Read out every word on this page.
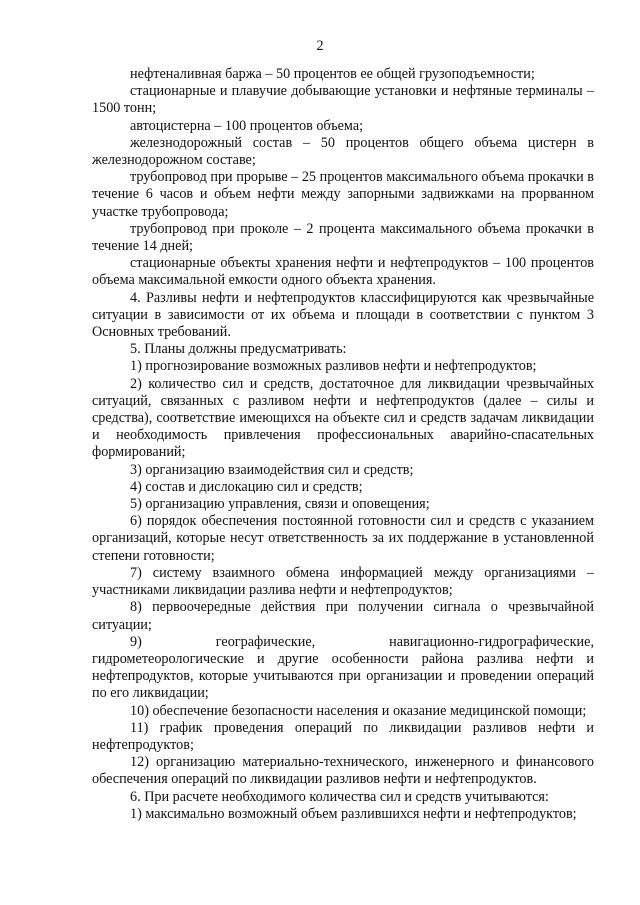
2

нефтеналивная баржа – 50 процентов ее общей грузоподъемности;

стационарные и плавучие добывающие установки и нефтяные терминалы – 1500 тонн;

автоцистерна – 100 процентов объема;

железнодорожный состав – 50 процентов общего объема цистерн в железнодорожном составе;

трубопровод при прорыве – 25 процентов максимального объема прокачки в течение 6 часов и объем нефти между запорными задвижками на прорванном участке трубопровода;

трубопровод при проколе – 2 процента максимального объема прокачки в течение 14 дней;

стационарные объекты хранения нефти и нефтепродуктов – 100 процентов объема максимальной емкости одного объекта хранения.

4. Разливы нефти и нефтепродуктов классифицируются как чрезвычайные ситуации в зависимости от их объема и площади в соответствии с пунктом 3 Основных требований.

5. Планы должны предусматривать:

1) прогнозирование возможных разливов нефти и нефтепродуктов;

2) количество сил и средств, достаточное для ликвидации чрезвычайных ситуаций, связанных с разливом нефти и нефтепродуктов (далее – силы и средства), соответствие имеющихся на объекте сил и средств задачам ликвидации и необходимость привлечения профессиональных аварийно-спасательных формирований;

3) организацию взаимодействия сил и средств;

4) состав и дислокацию сил и средств;

5) организацию управления, связи и оповещения;

6) порядок обеспечения постоянной готовности сил и средств с указанием организаций, которые несут ответственность за их поддержание в установленной степени готовности;

7) систему взаимного обмена информацией между организациями – участниками ликвидации разлива нефти и нефтепродуктов;

8) первоочередные действия при получении сигнала о чрезвычайной ситуации;

9) географические, навигационно-гидрографические, гидрометеорологические и другие особенности района разлива нефти и нефтепродуктов, которые учитываются при организации и проведении операций по его ликвидации;

10) обеспечение безопасности населения и оказание медицинской помощи;

11) график проведения операций по ликвидации разливов нефти и нефтепродуктов;

12) организацию материально-технического, инженерного и финансового обеспечения операций по ликвидации разливов нефти и нефтепродуктов.

6. При расчете необходимого количества сил и средств учитываются:

1) максимально возможный объем разлившихся нефти и нефтепродуктов;
